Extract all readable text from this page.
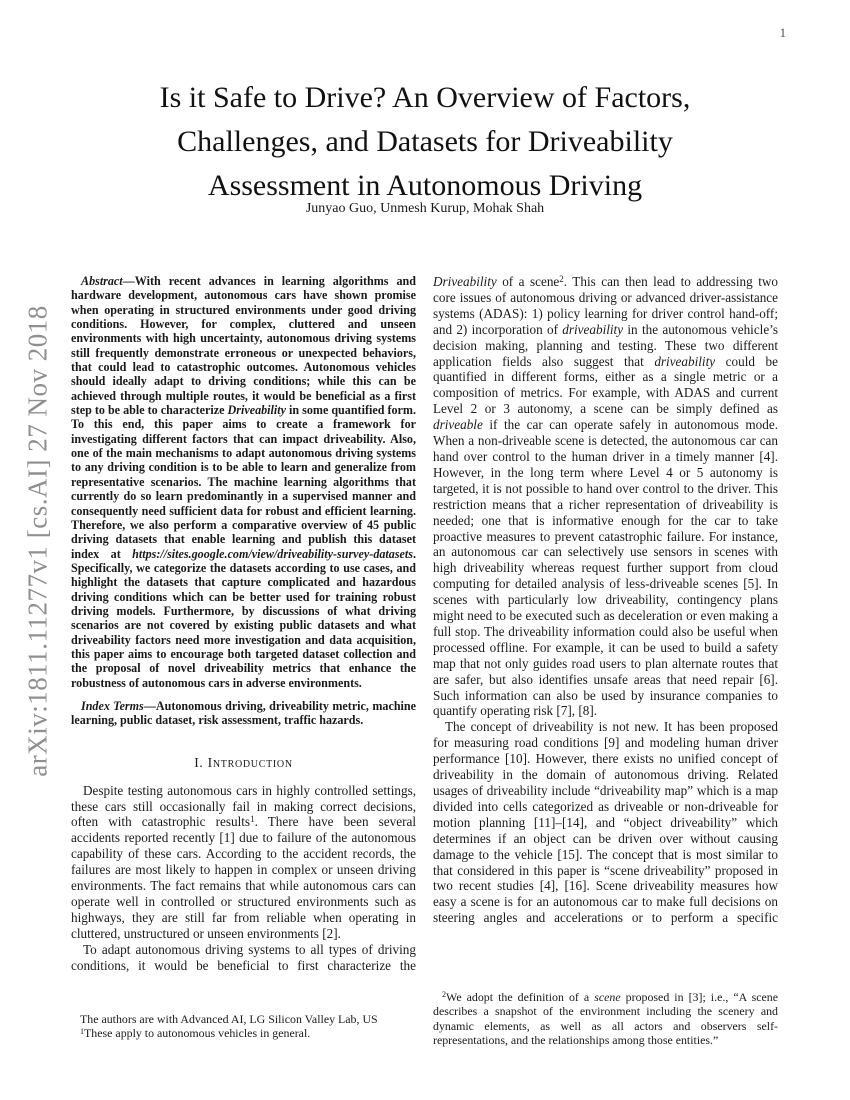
1
arXiv:1811.11277v1 [cs.AI] 27 Nov 2018
Is it Safe to Drive? An Overview of Factors,
Challenges, and Datasets for Driveability
Assessment in Autonomous Driving
Junyao Guo, Unmesh Kurup, Mohak Shah

Abstract—With recent advances in learning algorithms and hardware development, autonomous cars have shown promise when operating in structured environments under good driving conditions. However, for complex, cluttered and unseen environments with high uncertainty, autonomous driving systems still frequently demonstrate erroneous or unexpected behaviors, that could lead to catastrophic outcomes. Autonomous vehicles should ideally adapt to driving conditions; while this can be achieved through multiple routes, it would be beneficial as a first step to be able to characterize Driveability in some quantified form. To this end, this paper aims to create a framework for investigating different factors that can impact driveability. Also, one of the main mechanisms to adapt autonomous driving systems to any driving condition is to be able to learn and generalize from representative scenarios. The machine learning algorithms that currently do so learn predominantly in a supervised manner and consequently need sufficient data for robust and efficient learning. Therefore, we also perform a comparative overview of 45 public driving datasets that enable learning and publish this dataset index at https://sites.google.com/view/driveability-survey-datasets. Specifically, we categorize the datasets according to use cases, and highlight the datasets that capture complicated and hazardous driving conditions which can be better used for training robust driving models. Furthermore, by discussions of what driving scenarios are not covered by existing public datasets and what driveability factors need more investigation and data acquisition, this paper aims to encourage both targeted dataset collection and the proposal of novel driveability metrics that enhance the robustness of autonomous cars in adverse environments.

Index Terms—Autonomous driving, driveability metric, machine learning, public dataset, risk assessment, traffic hazards.

I. Introduction

Despite testing autonomous cars in highly controlled settings, these cars still occasionally fail in making correct decisions, often with catastrophic results$^1$. There have been several accidents reported recently [1] due to failure of the autonomous capability of these cars. According to the accident records, the failures are most likely to happen in complex or unseen driving environments. The fact remains that while autonomous cars can operate well in controlled or structured environments such as highways, they are still far from reliable when operating in cluttered, unstructured or unseen environments [2].

To adapt autonomous driving systems to all types of driving conditions, it would be beneficial to first characterize the

Driveability of a scene$^2$. This can then lead to addressing two core issues of autonomous driving or advanced driver-assistance systems (ADAS): 1) policy learning for driver control hand-off; and 2) incorporation of driveability in the autonomous vehicle’s decision making, planning and testing. These two different application fields also suggest that driveability could be quantified in different forms, either as a single metric or a composition of metrics. For example, with ADAS and current Level 2 or 3 autonomy, a scene can be simply defined as driveable if the car can operate safely in autonomous mode. When a non-driveable scene is detected, the autonomous car can hand over control to the human driver in a timely manner [4]. However, in the long term where Level 4 or 5 autonomy is targeted, it is not possible to hand over control to the driver. This restriction means that a richer representation of driveability is needed; one that is informative enough for the car to take proactive measures to prevent catastrophic failure. For instance, an autonomous car can selectively use sensors in scenes with high driveability whereas request further support from cloud computing for detailed analysis of less-driveable scenes [5]. In scenes with particularly low driveability, contingency plans might need to be executed such as deceleration or even making a full stop. The driveability information could also be useful when processed offline. For example, it can be used to build a safety map that not only guides road users to plan alternate routes that are safer, but also identifies unsafe areas that need repair [6]. Such information can also be used by insurance companies to quantify operating risk [7], [8].

The concept of driveability is not new. It has been proposed for measuring road conditions [9] and modeling human driver performance [10]. However, there exists no unified concept of driveability in the domain of autonomous driving. Related usages of driveability include “driveability map” which is a map divided into cells categorized as driveable or non-driveable for motion planning [11]–[14], and “object driveability” which determines if an object can be driven over without causing damage to the vehicle [15]. The concept that is most similar to that considered in this paper is “scene driveability” proposed in two recent studies [4], [16]. Scene driveability measures how easy a scene is for an autonomous car to make full decisions on steering angles and accelerations or to perform a specific

The authors are with Advanced AI, LG Silicon Valley Lab, US

$^1$These apply to autonomous vehicles in general.

$^2$We adopt the definition of a scene proposed in [3]; i.e., “A scene describes a snapshot of the environment including the scenery and dynamic elements, as well as all actors and observers self-representations, and the relationships among those entities.”
